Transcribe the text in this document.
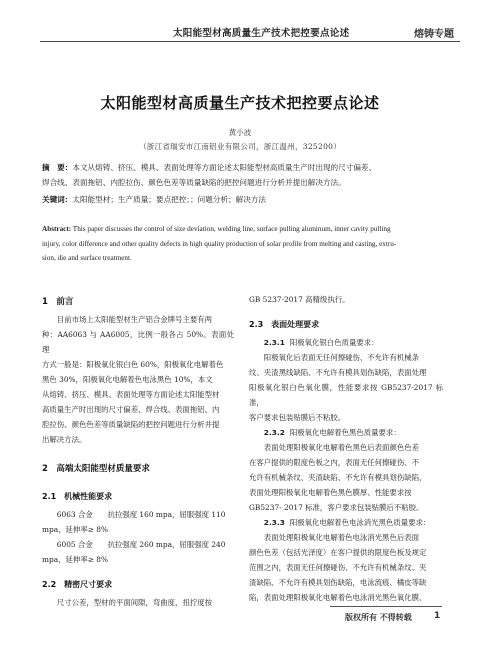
太阳能型材高质量生产技术把控要点论述	熔铸专题
太阳能型材高质量生产技术把控要点论述
黄小波
（浙江省瑞安市江南铝业有限公司，浙江温州，325200）
摘　要：本文从熔铸、挤压、模具、表面处理等方面论述太阳能型材高质量生产时出现的尺寸偏差、
焊合线、表面拖铝、内腔拉伤、颜色色差等质量缺陷的把控问题进行分析并提出解决方法。
关键词：太阳能型材；生产质量；要点把控；；问题分析；解决方法
Abstract: This paper discusses the control of size deviation, welding line, surface pulling aluminum, inner cavity pulling
injury, color difference and other quality defects in high quality production of solar profile from melting and casting, extru-
sion, die and surface treatment.
1　前言
目前市场上太阳能型材生产铝合金牌号主要有两
种：AA6063 与 AA6005，比例一般各占 50%。表面处理
方式一般是：阳极氧化银白色 60%，阳极氧化电解着色
黑色 30%，阳极氧化电解着色电泳黑色 10%，本文
从熔铸、挤压、模具、表面处理等方面论述太阳能型材
高质量生产时出现的尺寸偏差、焊合线、表面拖铝、内
腔拉伤、颜色色差等质量缺陷的把控问题进行分析并提
出解决方法。
2　高端太阳能型材质量要求
2.1　机械性能要求
6063 合金　　抗拉强度 160 mpa，屈服强度 110
mpa，延伸率≥ 8%
6005 合金　　抗拉强度 260 mpa，屈服强度 240
mpa，延伸率≥ 8%
2.2　精密尺寸要求
尺寸公差，型材的平面间隙，弯曲度，扭拧度按
GB 5237-2017 高精级执行。
2.3　表面处理要求
2.3.1 阳极氧化银白色质量要求：
阳极氧化后表面无任何擦碰伤、不允许有机械条
纹、夹渣黑线缺陷、不允许有模具划伤缺陷，表面处理
阳极氧化银白色氧化膜，性能要求按 GB5237-2017 标准，
客户要求包装贴膜后不粘胶。
2.3.2 阳极氧化电解着色黑色质量要求：
表面处理阳极氧化电解着色黑色后表面颜色色差
在客户提供的限度色板之内，表面无任何擦碰伤、不
允许有机械条纹、夹渣缺陷、不允许有模具划伤缺陷，
表面处理阳极氧化电解着色黑色膜厚、性能要求按
GB5237- 2017 标准，客户要求包装贴膜后不粘胶。
2.3.3 阳极氧化电解着色电泳消光黑色质量要求：
表面处理阳极氧化电解着色电泳消光黑色后表面
颜色色差（包括光泽度）在客户提供的限度色板及规定
范围之内，表面无任何擦碰伤、不允许有机械条纹、夹
渣缺陷、不允许有模具划伤缺陷，电泳流痕、橘皮等缺
陷，表面处理阳极氧化电解着色电泳消光黑色氧化膜、
版权所有 不得转载 1
